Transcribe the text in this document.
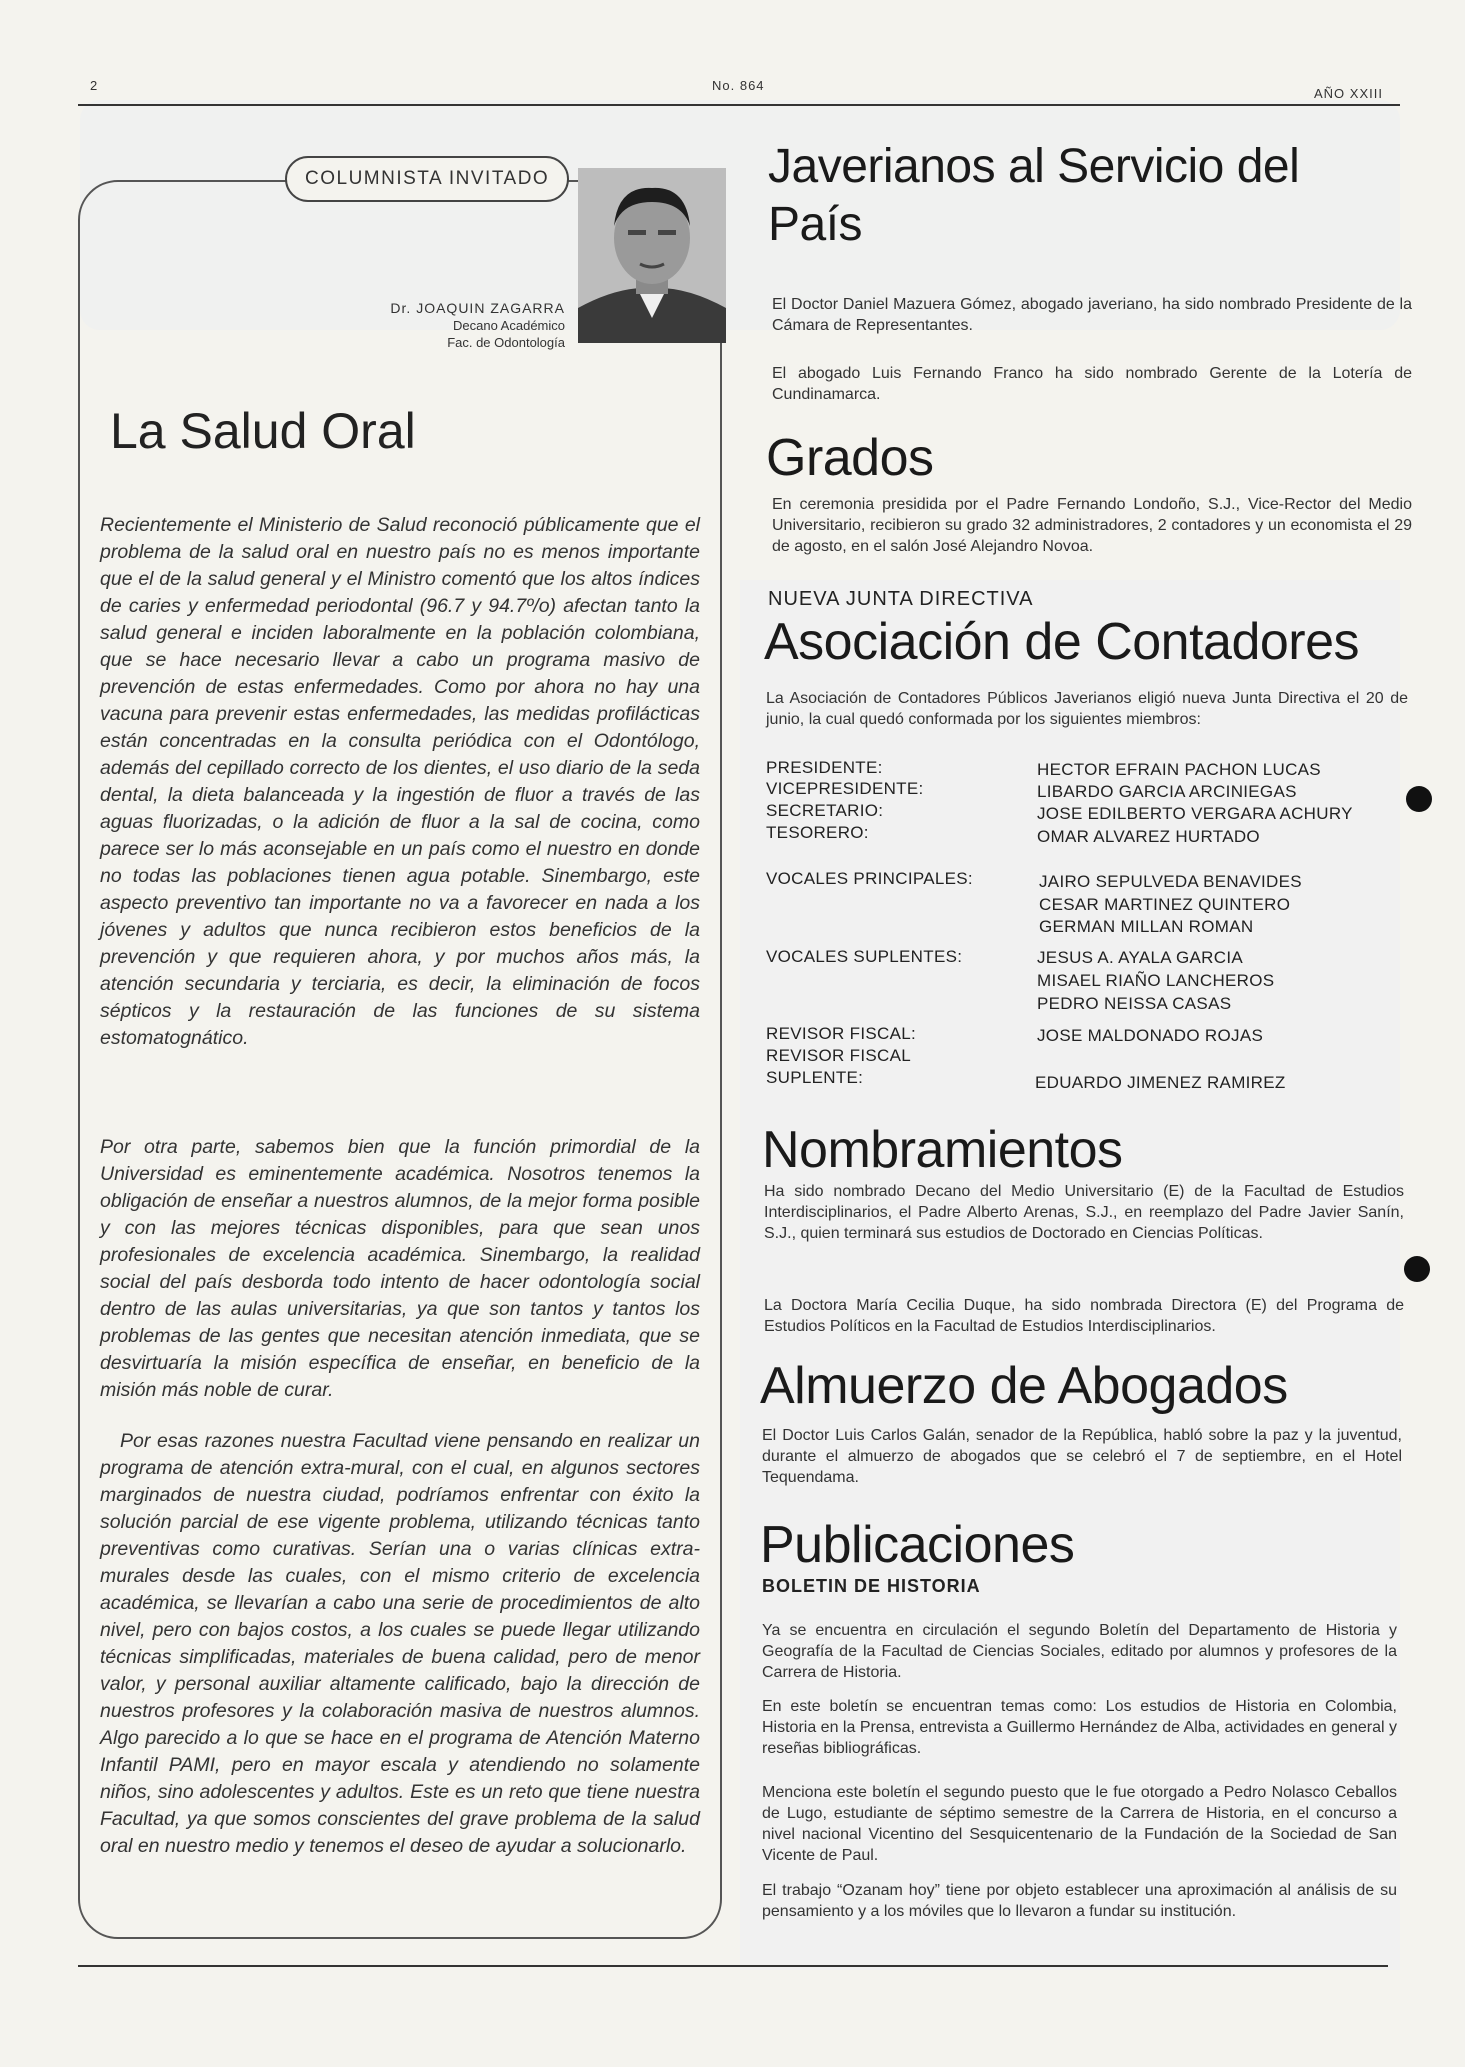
2	No. 864
AÑO XXIII
COLUMNISTA INVITADO
Dr. JOAQUIN ZAGARRA
Decano Académico
Fac. de Odontología
La Salud Oral

Recientemente el Ministerio de Salud reconoció públicamente que el problema de la salud oral en nuestro país no es menos importante que el de la salud general y el Ministro comentó que los altos índices de caries y enfermedad periodontal (96.7 y 94.7º/o) afectan tanto la salud general e inciden laboralmente en la población colombiana, que se hace necesario llevar a cabo un programa masivo de prevención de estas enfermedades. Como por ahora no hay una vacuna para prevenir estas enfermedades, las medidas profilácticas están concentradas en la consulta periódica con el Odontólogo, además del cepillado correcto de los dientes, el uso diario de la seda dental, la dieta balanceada y la ingestión de fluor a través de las aguas fluorizadas, o la adición de fluor a la sal de cocina, como parece ser lo más aconsejable en un país como el nuestro en donde no todas las poblaciones tienen agua potable. Sinembargo, este aspecto preventivo tan importante no va a favorecer en nada a los jóvenes y adultos que nunca recibieron estos beneficios de la prevención y que requieren ahora, y por muchos años más, la atención secundaria y terciaria, es decir, la eliminación de focos sépticos y la restauración de las funciones de su sistema estomatognático.

Por otra parte, sabemos bien que la función primordial de la Universidad es eminentemente académica. Nosotros tenemos la obligación de enseñar a nuestros alumnos, de la mejor forma posible y con las mejores técnicas disponibles, para que sean unos profesionales de excelencia académica. Sinembargo, la realidad social del país desborda todo intento de hacer odontología social dentro de las aulas universitarias, ya que son tantos y tantos los problemas de las gentes que necesitan atención inmediata, que se desvirtuaría la misión específica de enseñar, en beneficio de la misión más noble de curar.

Por esas razones nuestra Facultad viene pensando en realizar un programa de atención extra-mural, con el cual, en algunos sectores marginados de nuestra ciudad, podríamos enfrentar con éxito la solución parcial de ese vigente problema, utilizando técnicas tanto preventivas como curativas. Serían una o varias clínicas extra-murales desde las cuales, con el mismo criterio de excelencia académica, se llevarían a cabo una serie de procedimientos de alto nivel, pero con bajos costos, a los cuales se puede llegar utilizando técnicas simplificadas, materiales de buena calidad, pero de menor valor, y personal auxiliar altamente calificado, bajo la dirección de nuestros profesores y la colaboración masiva de nuestros alumnos. Algo parecido a lo que se hace en el programa de Atención Materno Infantil PAMI, pero en mayor escala y atendiendo no solamente niños, sino adolescentes y adultos. Este es un reto que tiene nuestra Facultad, ya que somos conscientes del grave problema de la salud oral en nuestro medio y tenemos el deseo de ayudar a solucionarlo.

Javerianos al Servicio del País

El Doctor Daniel Mazuera Gómez, abogado javeriano, ha sido nombrado Presidente de la Cámara de Representantes.

El abogado Luis Fernando Franco ha sido nombrado Gerente de la Lotería de Cundinamarca.

Grados

En ceremonia presidida por el Padre Fernando Londoño, S.J., Vice-Rector del Medio Universitario, recibieron su grado 32 administradores, 2 contadores y un economista el 29 de agosto, en el salón José Alejandro Novoa.

NUEVA JUNTA DIRECTIVA
Asociación de Contadores

La Asociación de Contadores Públicos Javerianos eligió nueva Junta Directiva el 20 de junio, la cual quedó conformada por los siguientes miembros:

PRESIDENTE:	HECTOR EFRAIN PACHON LUCAS
VICEPRESIDENTE:	LIBARDO GARCIA ARCINIEGAS
SECRETARIO:	JOSE EDILBERTO VERGARA ACHURY
TESORERO:	OMAR ALVAREZ HURTADO
VOCALES PRINCIPALES:	JAIRO SEPULVEDA BENAVIDES
CESAR MARTINEZ QUINTERO
GERMAN MILLAN ROMAN
VOCALES SUPLENTES:	JESUS A. AYALA GARCIA
MISAEL RIAÑO LANCHEROS
PEDRO NEISSA CASAS
REVISOR FISCAL:	JOSE MALDONADO ROJAS
REVISOR FISCAL
SUPLENTE:	EDUARDO JIMENEZ RAMIREZ
Nombramientos

Ha sido nombrado Decano del Medio Universitario (E) de la Facultad de Estudios Interdisciplinarios, el Padre Alberto Arenas, S.J., en reemplazo del Padre Javier Sanín, S.J., quien terminará sus estudios de Doctorado en Ciencias Políticas.

La Doctora María Cecilia Duque, ha sido nombrada Directora (E) del Programa de Estudios Políticos en la Facultad de Estudios Interdisciplinarios.

Almuerzo de Abogados

El Doctor Luis Carlos Galán, senador de la República, habló sobre la paz y la juventud, durante el almuerzo de abogados que se celebró el 7 de septiembre, en el Hotel Tequendama.

Publicaciones
BOLETIN DE HISTORIA

Ya se encuentra en circulación el segundo Boletín del Departamento de Historia y Geografía de la Facultad de Ciencias Sociales, editado por alumnos y profesores de la Carrera de Historia.

En este boletín se encuentran temas como: Los estudios de Historia en Colombia, Historia en la Prensa, entrevista a Guillermo Hernández de Alba, actividades en general y reseñas bibliográficas.

Menciona este boletín el segundo puesto que le fue otorgado a Pedro Nolasco Ceballos de Lugo, estudiante de séptimo semestre de la Carrera de Historia, en el concurso a nivel nacional Vicentino del Sesquicentenario de la Fundación de la Sociedad de San Vicente de Paul.

El trabajo “Ozanam hoy” tiene por objeto establecer una aproximación al análisis de su pensamiento y a los móviles que lo llevaron a fundar su institución.
